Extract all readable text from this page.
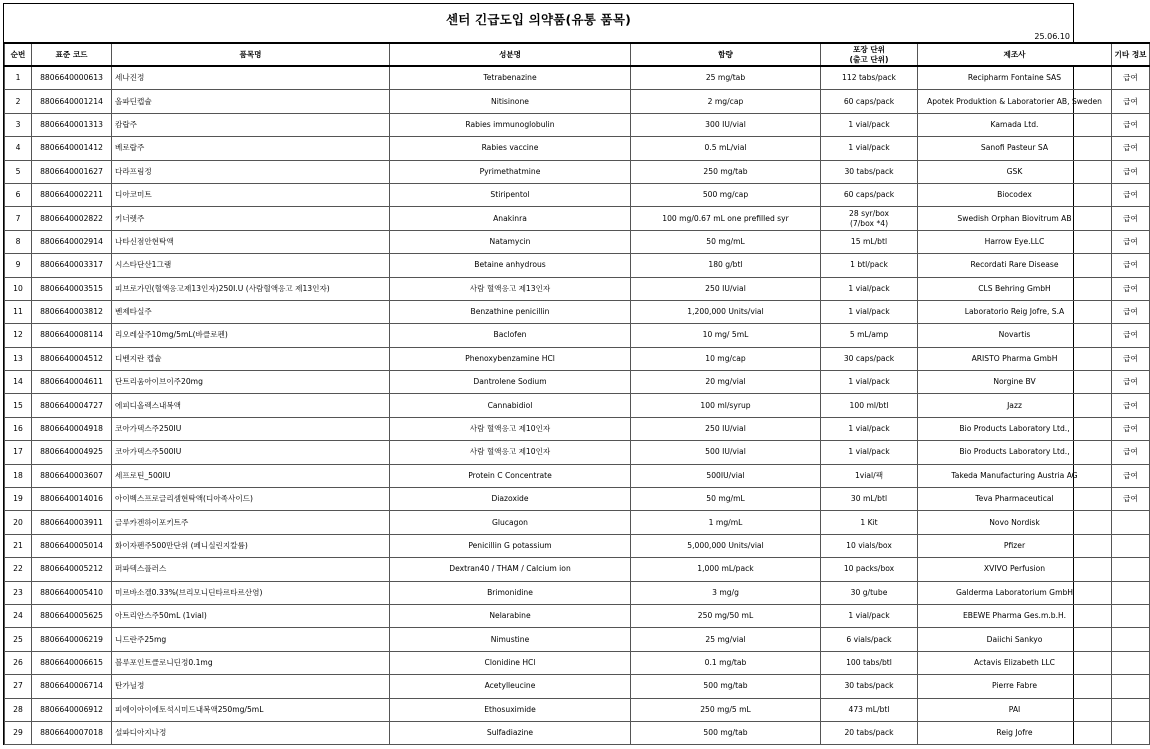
센터 긴급도입 의약품(유통 품목)
25.06.10
순번	표준 코드	품목명	성분명	함량	포장 단위
(출고 단위)	제조사	기타 정보
1	8806640000613	세나진정	Tetrabenazine	25 mg/tab	112 tabs/pack	Recipharm Fontaine SAS	급여
2	8806640001214	올파딘캡슐	Nitisinone	2 mg/cap	60 caps/pack	Apotek Produktion & Laboratorier AB, Sweden	급여
3	8806640001313	캄랍주	Rabies immunoglobulin	300 IU/vial	1 vial/pack	Kamada Ltd.	급여
4	8806640001412	베로랍주	Rabies vaccine	0.5 mL/vial	1 vial/pack	Sanofi Pasteur SA	급여
5	8806640001627	다라프림정	Pyrimethatmine	250 mg/tab	30 tabs/pack	GSK	급여
6	8806640002211	디아코미트	Stiripentol	500 mg/cap	60 caps/pack	Biocodex	급여
7	8806640002822	키너렛주	Anakinra	100 mg/0.67 mL one prefilled syr	28 syr/box
(7/box *4)	Swedish Orphan Biovitrum AB	급여
8	8806640002914	나타신점안현탁액	Natamycin	50 mg/mL	15 mL/btl	Harrow Eye.LLC	급여
9	8806640003317	시스타단산1그램	Betaine anhydrous	180 g/btl	1 btl/pack	Recordati Rare Disease	급여
10	8806640003515	피브로가민(혈액응고제13인자)250I.U (사람혈액응고 제13인자)	사람 혈액응고 제13인자	250 IU/vial	1 vial/pack	CLS Behring GmbH	급여
11	8806640003812	벤제타실주	Benzathine penicillin	1,200,000 Units/vial	1 vial/pack	Laboratorio Reig Jofre, S.A	급여
12	8806640008114	리오레살주10mg/5mL(바클로펜)	Baclofen	10 mg/ 5mL	5 mL/amp	Novartis	급여
13	8806640004512	디벤지란 캡슐	Phenoxybenzamine HCl	10 mg/cap	30 caps/pack	ARISTO Pharma GmbH	급여
14	8806640004611	단트리움아이브이주20mg	Dantrolene Sodium	20 mg/vial	1 vial/pack	Norgine BV	급여
15	8806640004727	에피디올렉스내복액	Cannabidiol	100 ml/syrup	100 ml/btl	Jazz	급여
16	8806640004918	코아가덱스주250IU	사람 혈액응고 제10인자	250 IU/vial	1 vial/pack	Bio Products Laboratory Ltd.,	급여
17	8806640004925	코아가덱스주500IU	사람 혈액응고 제10인자	500 IU/vial	1 vial/pack	Bio Products Laboratory Ltd.,	급여
18	8806640003607	세프로틴_500IU	Protein C Concentrate	500IU/vial	1vial/팩	Takeda Manufacturing Austria AG	급여
19	8806640014016	아이벡스프로글리셈현탁액(디아족사이드)	Diazoxide	50 mg/mL	30 mL/btl	Teva Pharmaceutical	급여
20	8806640003911	글루카겐하이포키트주	Glucagon	1 mg/mL	1 Kit	Novo Nordisk	
21	8806640005014	화이자펜주500만단위 (페니실린지칼륨)	Penicillin G potassium	5,000,000 Units/vial	10 vials/box	Pfizer	
22	8806640005212	퍼파덱스플러스	Dextran40 / THAM / Calcium ion	1,000 mL/pack	10 packs/box	XVIVO Perfusion	
23	8806640005410	미르바소겔0.33%(브리모니딘타르타르산염)	Brimonidine	3 mg/g	30 g/tube	Galderma Laboratorium GmbH	
24	8806640005625	아트리안스주50mL (1vial)	Nelarabine	250 mg/50 mL	1 vial/pack	EBEWE Pharma Ges.m.b.H.	
25	8806640006219	니드란주25mg	Nimustine	25 mg/vial	6 vials/pack	Daiichi Sankyo	
26	8806640006615	블루포인트클로니딘정0.1mg	Clonidine HCl	0.1 mg/tab	100 tabs/btl	Actavis Elizabeth LLC	
27	8806640006714	탄가닐정	Acetylleucine	500 mg/tab	30 tabs/pack	Pierre Fabre	
28	8806640006912	피에이아이에토석시미드내복액250mg/5mL	Ethosuximide	250 mg/5 mL	473 mL/btl	PAI	
29	8806640007018	설파디아지나정	Sulfadiazine	500 mg/tab	20 tabs/pack	Reig Jofre	
